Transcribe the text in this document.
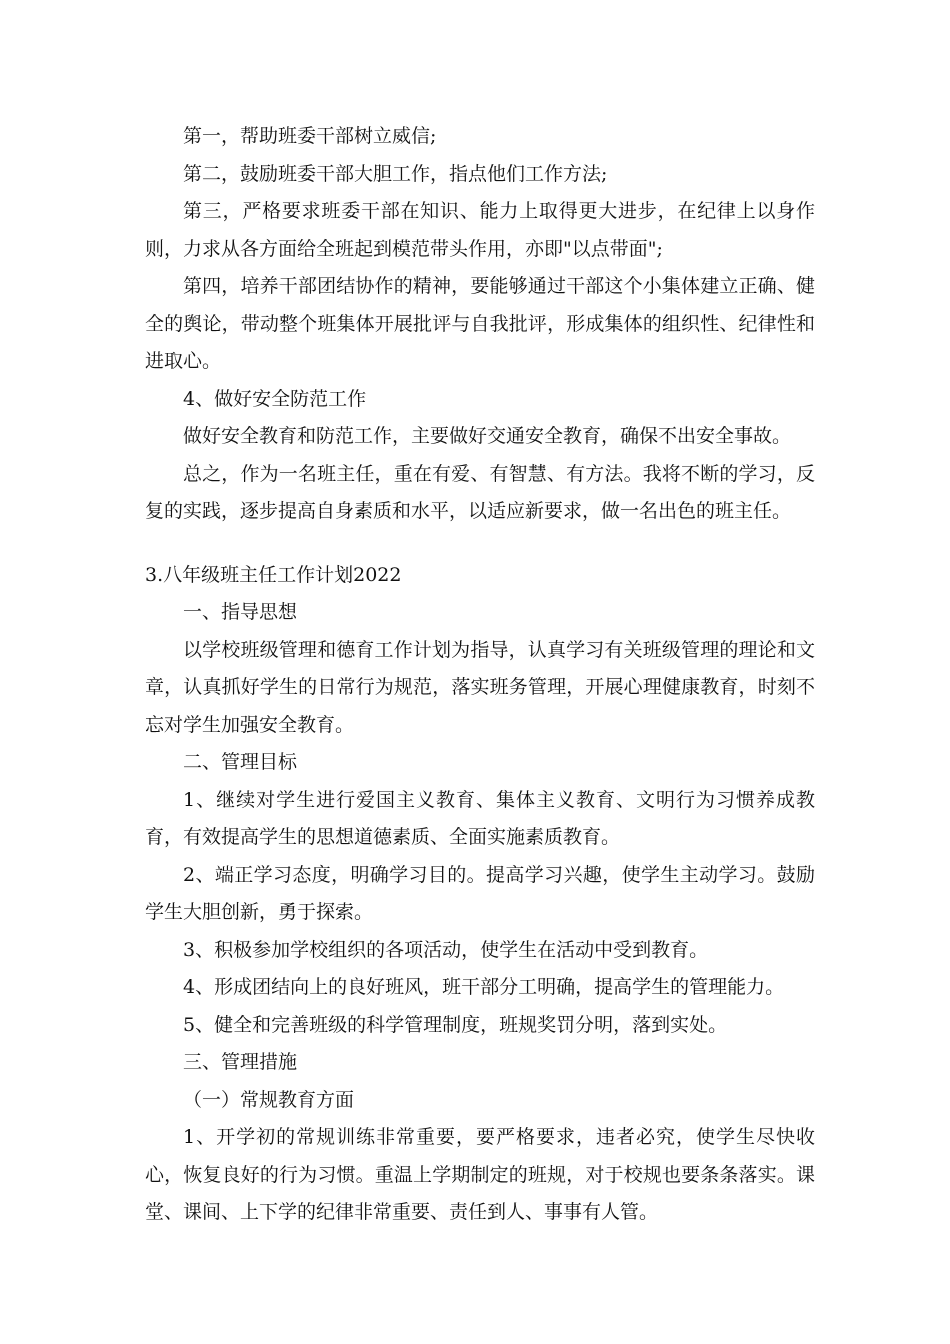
第一，帮助班委干部树立威信;

第二，鼓励班委干部大胆工作，指点他们工作方法;

第三，严格要求班委干部在知识、能力上取得更大进步，在纪律上以身作则，力求从各方面给全班起到模范带头作用，亦即"以点带面";

第四，培养干部团结协作的精神，要能够通过干部这个小集体建立正确、健全的舆论，带动整个班集体开展批评与自我批评，形成集体的组织性、纪律性和进取心。

4、做好安全防范工作

做好安全教育和防范工作，主要做好交通安全教育，确保不出安全事故。

总之，作为一名班主任，重在有爱、有智慧、有方法。我将不断的学习，反复的实践，逐步提高自身素质和水平，以适应新要求，做一名出色的班主任。

3.八年级班主任工作计划2022

一、指导思想

以学校班级管理和德育工作计划为指导，认真学习有关班级管理的理论和文章，认真抓好学生的日常行为规范，落实班务管理，开展心理健康教育，时刻不忘对学生加强安全教育。

二、管理目标

1、继续对学生进行爱国主义教育、集体主义教育、文明行为习惯养成教育，有效提高学生的思想道德素质、全面实施素质教育。

2、端正学习态度，明确学习目的。提高学习兴趣，使学生主动学习。鼓励学生大胆创新，勇于探索。

3、积极参加学校组织的各项活动，使学生在活动中受到教育。

4、形成团结向上的良好班风，班干部分工明确，提高学生的管理能力。

5、健全和完善班级的科学管理制度，班规奖罚分明，落到实处。

三、管理措施

（一）常规教育方面

1、开学初的常规训练非常重要，要严格要求，违者必究，使学生尽快收心，恢复良好的行为习惯。重温上学期制定的班规，对于校规也要条条落实。课堂、课间、上下学的纪律非常重要、责任到人、事事有人管。
